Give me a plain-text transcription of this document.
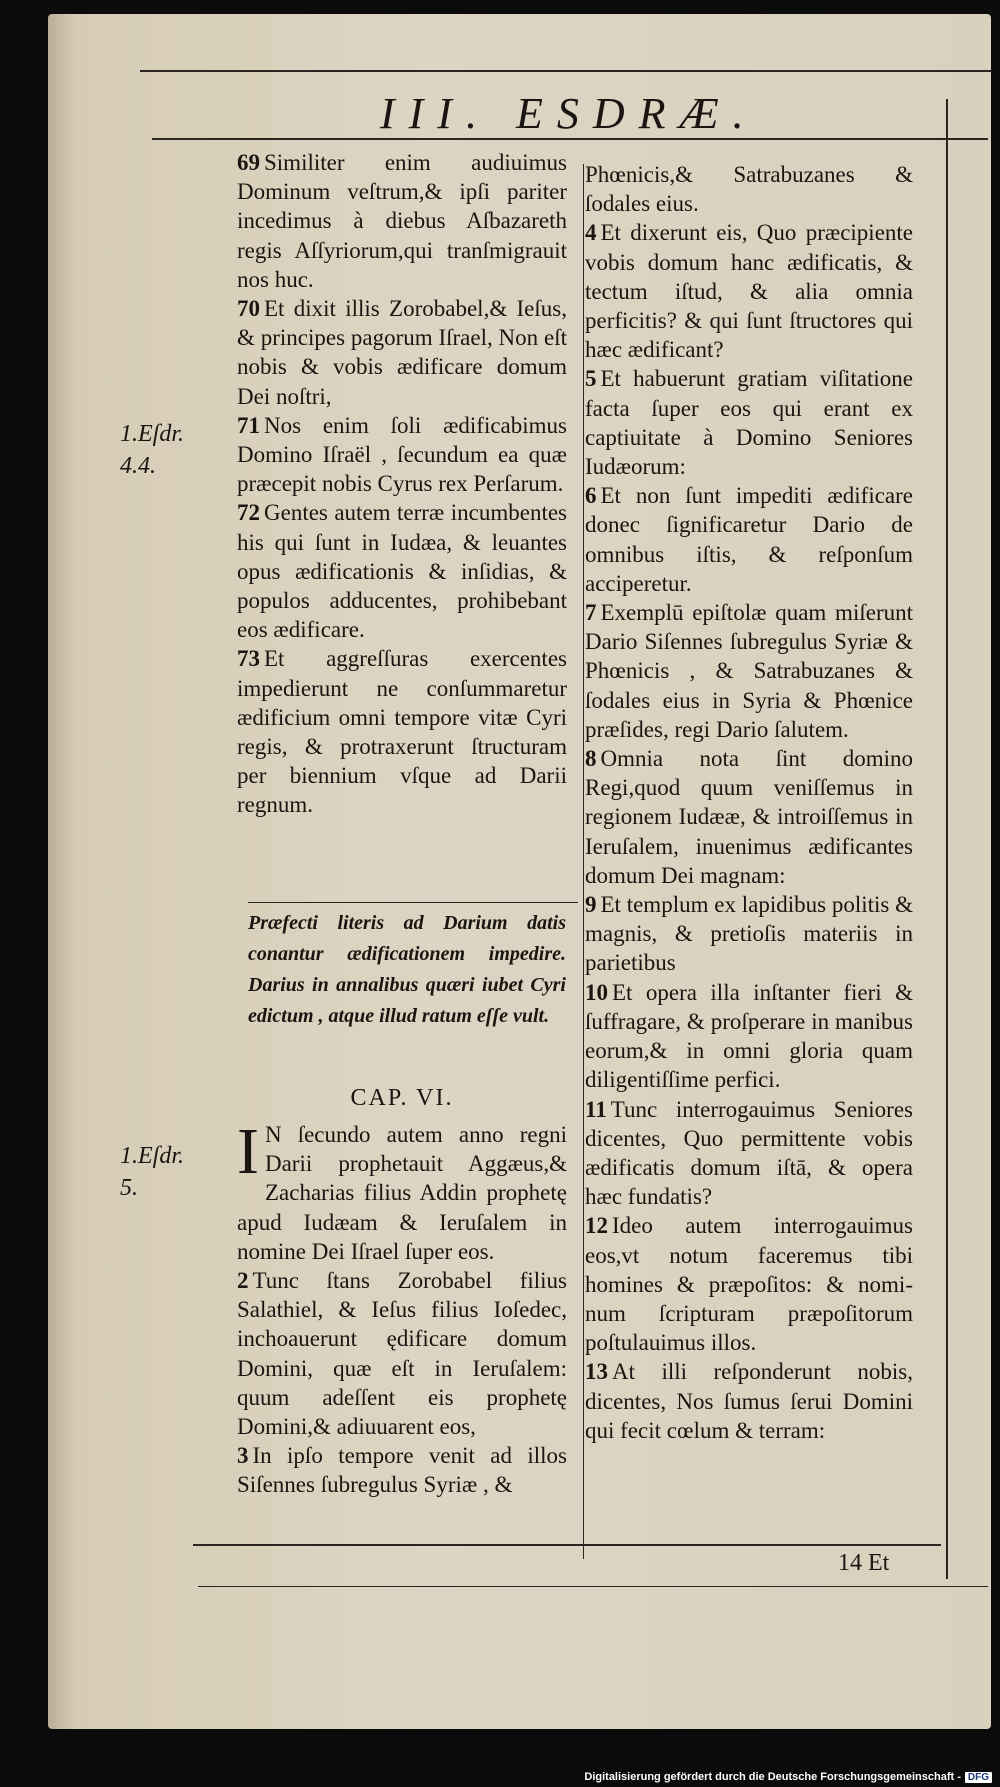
III. ESDRÆ.

69 Similiter enim audiuimus Dominum veſtrum,& ipſi pariter incedimus à diebus Aſbazareth regis Aſſyriorum,qui tranſmigrauit nos huc.

70 Et dixit illis Zorobabel,& Ieſus, & principes pagorum Iſrael, Non eſt nobis & vobis ædificare domum Dei noſtri,

71 Nos enim ſoli ædificabimus Domino Iſraël , ſecundum ea quæ præcepit nobis Cyrus rex Perſarum.

72 Gentes autem terræ incumbentes his qui ſunt in Iudæa, & leuantes opus ædificationis & inſidias, & populos adducentes, prohibebant eos ædificare.

73 Et aggreſſuras exercentes impedierunt ne conſummaretur ædificium omni tempore vitæ Cyri regis, & protraxerunt ſtructuram per biennium vſque ad Darii regnum.

Præfecti literis ad Darium datis conantur ædificationem impedire. Darius in annalibus quæri iubet Cyri edictum , atque illud ratum eſſe vult.
CAP. VI.

I N ſecundo autem anno regni Darii prophetauit Aggæus,& Zacharias filius Addin prophetę apud Iudæam & Ieruſalem in nomine Dei Iſrael ſuper eos.

2 Tunc ſtans Zorobabel filius Salathiel, & Ieſus filius Ioſedec, inchoauerunt ędificare domum Domini, quæ eſt in Ieruſalem: quum adeſſent eis prophetę Domini,& adiuuarent eos,

3 In ipſo tempore venit ad illos Siſennes ſubregulus Syriæ , &

Phœnicis,& Satrabuzanes & ſodales eius.

4 Et dixerunt eis, Quo præcipiente vobis domum hanc ædificatis, & tectum iſtud, & alia omnia perficitis? & qui ſunt ſtructores qui hæc ædificant?

5 Et habuerunt gratiam viſitatione facta ſuper eos qui erant ex captiuitate à Domino Seniores Iudæorum:

6 Et non ſunt impediti ædificare donec ſignificaretur Dario de omnibus iſtis, & reſponſum acciperetur.

7 Exemplū epiſtolæ quam miſerunt Dario Siſennes ſubregulus Syriæ & Phœnicis , & Satrabuzanes & ſodales eius in Syria & Phœnice præſides, regi Dario ſalutem.

8 Omnia nota ſint domino Regi,quod quum veniſſemus in regionem Iudææ, & introiſſemus in Ieruſalem, inuenimus ædificantes domum Dei magnam:

9 Et templum ex lapidibus politis & magnis, & pretioſis materiis in parietibus

10 Et opera illa inſtanter fieri & ſuffragare, & proſperare in manibus eorum,& in omni gloria quam diligentiſſime perfici.

11 Tunc interrogauimus Seniores dicentes, Quo permittente vobis ædificatis domum iſtā, & opera hæc fundatis?

12 Ideo autem interrogauimus eos,vt notum faceremus tibi homines & præpoſitos: & nominum ſcripturam præpoſitorum poſtulauimus illos.

13 At illi reſponderunt nobis, dicentes, Nos ſumus ſerui Domini qui fecit cœlum & terram:

1.Eſdr.
4.4.
1.Eſdr.
5.
14 Et
Digitalisierung gefördert durch die Deutsche Forschungsgemeinschaft - DFG
